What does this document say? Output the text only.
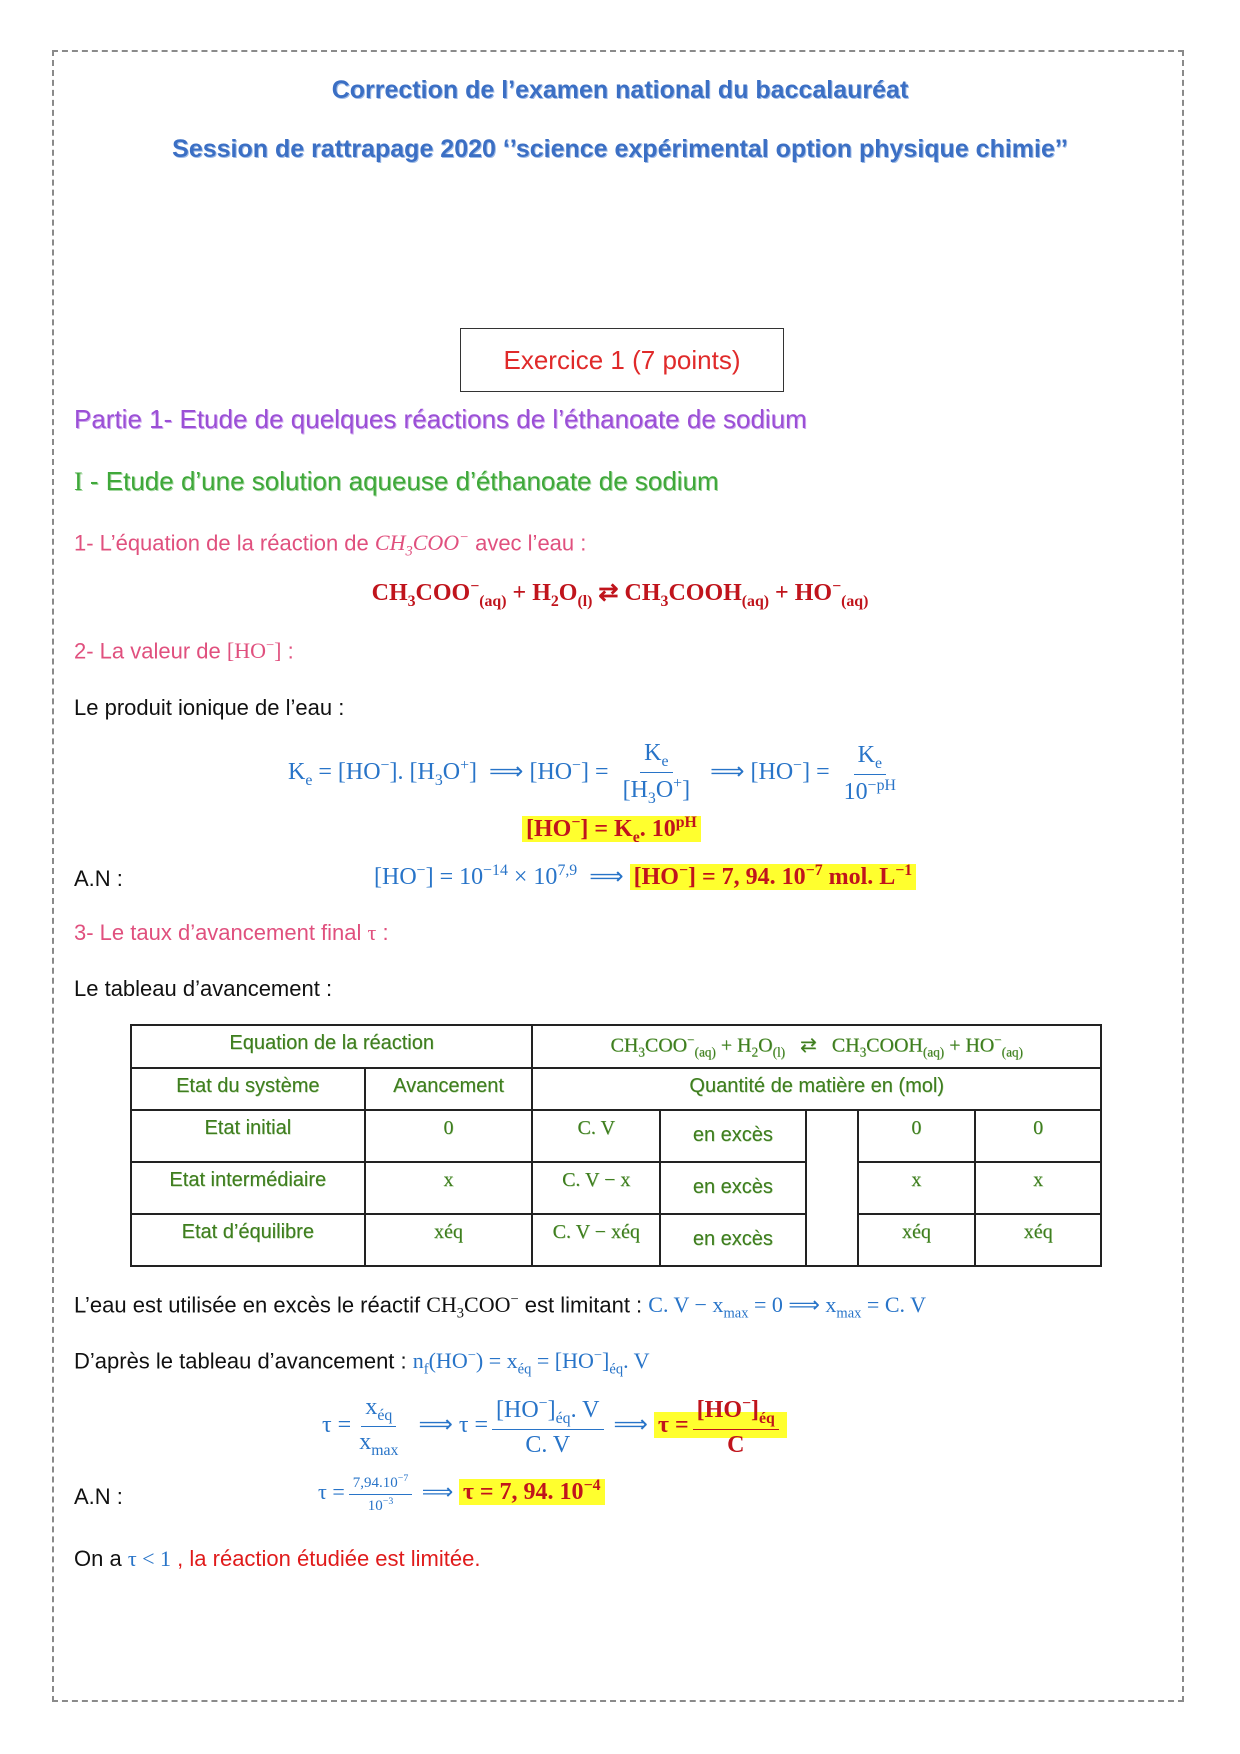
Correction de l’examen national du baccalauréat
Session de rattrapage 2020 ‘’science expérimental option physique chimie’’
Exercice 1 (7 points)
Partie 1- Etude de quelques réactions de l’éthanoate de sodium
I - Etude d’une solution aqueuse d’éthanoate de sodium
1- L’équation de la réaction de $CH_3COO^-$ avec l’eau :
$CH_3COO^-_{(aq)} + H_2O_{(l)}$ ⇄ $CH_3COOH_{(aq)} + HO^-_{(aq)}$
2- La valeur de [HO−] :
Le produit ionique de l’eau :
$K_e = [HO^-]$. $[H_3O^+]$  ⟹ $[HO^-] = \frac{K_e}{[H_3O^+]}$ ⟹ $[HO^-] = \frac{K_e}{10^{-pH}}$
$[HO^-] = K_e$. $10^{pH}$
A.N :	$[HO^-] = 10^{-14} \times 10^{7,9}$  ⟹ [HO−] = 7, 94. $10^{-7}$ mol. $L^{-1}$
3- Le taux d’avancement final τ :
Le tableau d’avancement :
Equation de la réaction		$CH_3COO^-_{(aq)} + H_2O_{(l)}$   ⇄   $CH_3COOH_{(aq)} + HO^-_{(aq)}$
Etat du système	Avancement	Quantité de matière en (mol)				
Etat initial	0	C. V	en excès		0	0
Etat intermédiaire	x	C. V − x	en excès		x	x
Etat d’équilibre	xéq	C. V − xéq	en excès		xéq	xéq
L’eau est utilisée en excès le réactif $CH_3COO^-$ est limitant : C. $V - x_{max} = 0$ ⟹ $x_{max} = C$. V
D’après le tableau d’avancement : $n_f(HO^-) = x_{éq} = [HO^-]_{éq}$. V
$\tau = \frac{x_{éq}}{x_{max}}$ ⟹ $\tau = \frac{[HO^-]_{éq}. V}{C. V}$ ⟹ $\tau = \frac{[HO^-]_{éq}}{C}$
A.N :	$\tau = \frac{7,94.10^{-7}}{10^{-3}}$ ⟹ τ = 7, 94. $10^{-4}$
On a τ < 1 , la réaction étudiée est limitée.
